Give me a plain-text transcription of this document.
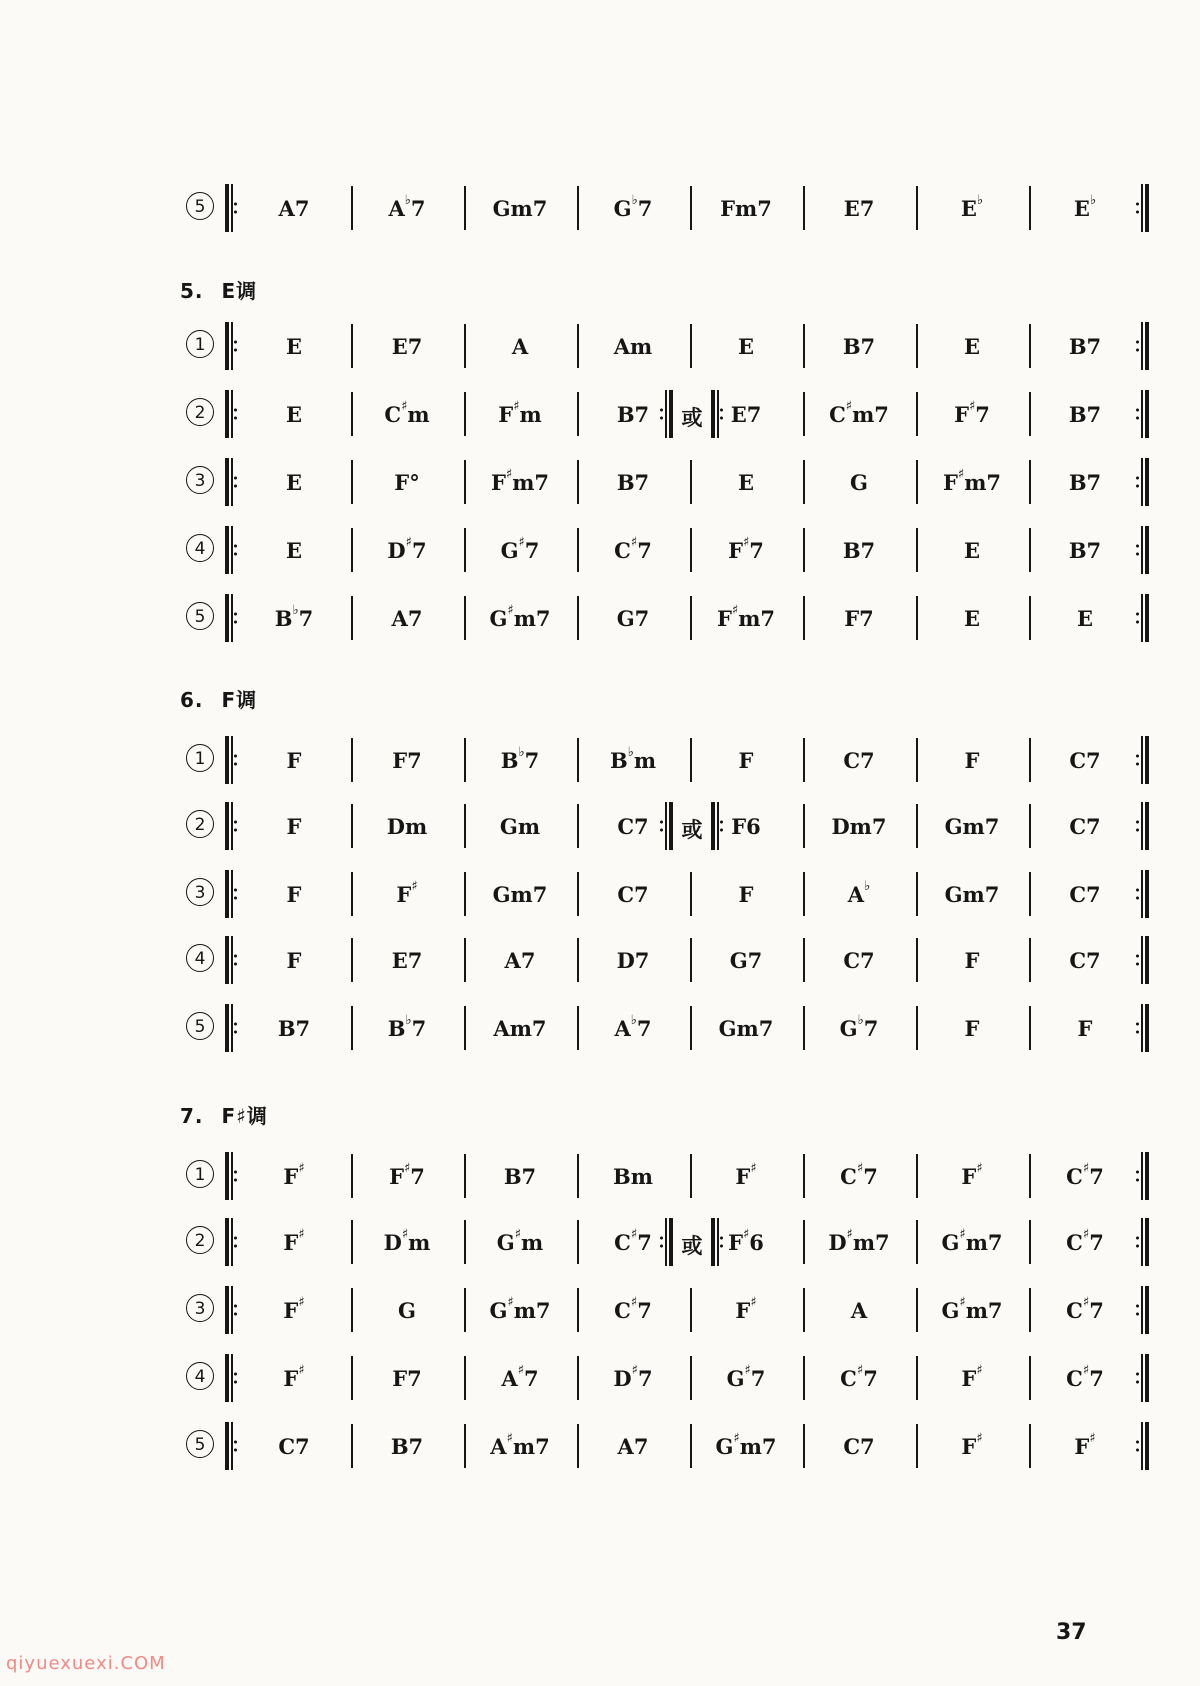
37
qiyuexuexi.COM
5	A7	A♭7	Gm7	G♭7	Fm7	E7	E♭	E♭
5. E调
1	E	E7	A	Am	E	B7	E	B7
2	E	C♯m	F♯m	B7	或	E7	C♯m7	F♯7	B7
3	E	F°	F♯m7	B7	E	G	F♯m7	B7
4	E	D♯7	G♯7	C♯7	F♯7	B7	E	B7
5	B♭7	A7	G♯m7	G7	F♯m7	F7	E	E
6. F调
1	F	F7	B♭7	B♭m	F	C7	F	C7
2	F	Dm	Gm	C7	或	F6	Dm7	Gm7	C7
3	F	F♯	Gm7	C7	F	A♭	Gm7	C7
4	F	E7	A7	D7	G7	C7	F	C7
5	B7	B♭7	Am7	A♭7	Gm7	G♭7	F	F
7. F♯调
1	F♯	F♯7	B7	Bm	F♯	C♯7	F♯	C♯7
2	F♯	D♯m	G♯m	C♯7	或	F♯6	D♯m7	G♯m7	C♯7
3	F♯	G	G♯m7	C♯7	F♯	A	G♯m7	C♯7
4	F♯	F7	A♯7	D♯7	G♯7	C♯7	F♯	C♯7
5	C7	B7	A♯m7	A7	G♯m7	C7	F♯	F♯
